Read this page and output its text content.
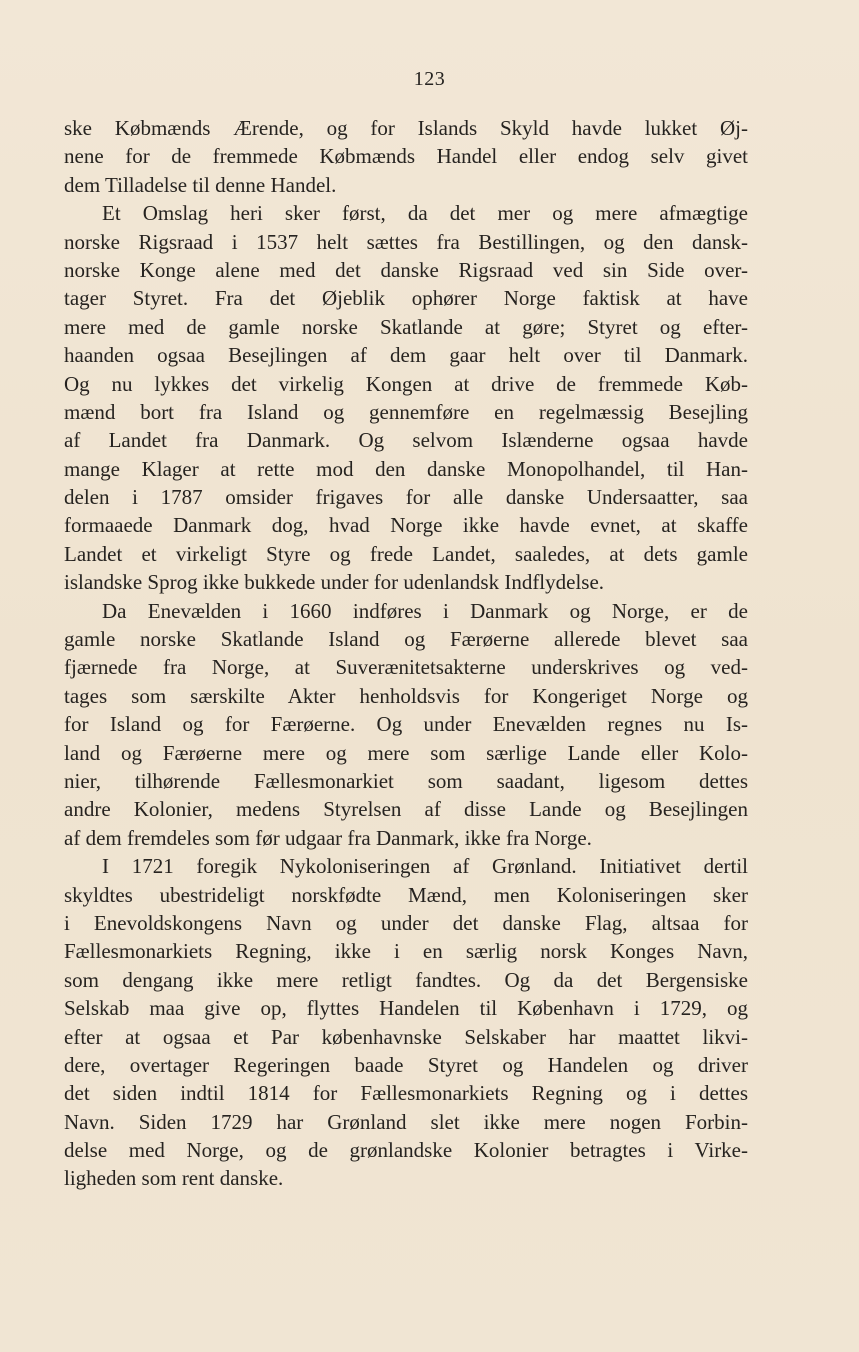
123
ske Købmænds Ærende, og for Islands Skyld havde lukket Øj-
nene for de fremmede Købmænds Handel eller endog selv givet
dem Tilladelse til denne Handel.
Et Omslag heri sker først, da det mer og mere afmægtige
norske Rigsraad i 1537 helt sættes fra Bestillingen, og den dansk-
norske Konge alene med det danske Rigsraad ved sin Side over-
tager Styret. Fra det Øjeblik ophører Norge faktisk at have
mere med de gamle norske Skatlande at gøre; Styret og efter-
haanden ogsaa Besejlingen af dem gaar helt over til Danmark.
Og nu lykkes det virkelig Kongen at drive de fremmede Køb-
mænd bort fra Island og gennemføre en regelmæssig Besejling
af Landet fra Danmark. Og selvom Islænderne ogsaa havde
mange Klager at rette mod den danske Monopolhandel, til Han-
delen i 1787 omsider frigaves for alle danske Undersaatter, saa
formaaede Danmark dog, hvad Norge ikke havde evnet, at skaffe
Landet et virkeligt Styre og frede Landet, saaledes, at dets gamle
islandske Sprog ikke bukkede under for udenlandsk Indflydelse.
Da Enevælden i 1660 indføres i Danmark og Norge, er de
gamle norske Skatlande Island og Færøerne allerede blevet saa
fjærnede fra Norge, at Suverænitetsakterne underskrives og ved-
tages som særskilte Akter henholdsvis for Kongeriget Norge og
for Island og for Færøerne. Og under Enevælden regnes nu Is-
land og Færøerne mere og mere som særlige Lande eller Kolo-
nier, tilhørende Fællesmonarkiet som saadant, ligesom dettes
andre Kolonier, medens Styrelsen af disse Lande og Besejlingen
af dem fremdeles som før udgaar fra Danmark, ikke fra Norge.
I 1721 foregik Nykoloniseringen af Grønland. Initiativet dertil
skyldtes ubestrideligt norskfødte Mænd, men Koloniseringen sker
i Enevoldskongens Navn og under det danske Flag, altsaa for
Fællesmonarkiets Regning, ikke i en særlig norsk Konges Navn,
som dengang ikke mere retligt fandtes. Og da det Bergensiske
Selskab maa give op, flyttes Handelen til København i 1729, og
efter at ogsaa et Par københavnske Selskaber har maattet likvi-
dere, overtager Regeringen baade Styret og Handelen og driver
det siden indtil 1814 for Fællesmonarkiets Regning og i dettes
Navn. Siden 1729 har Grønland slet ikke mere nogen Forbin-
delse med Norge, og de grønlandske Kolonier betragtes i Virke-
ligheden som rent danske.
